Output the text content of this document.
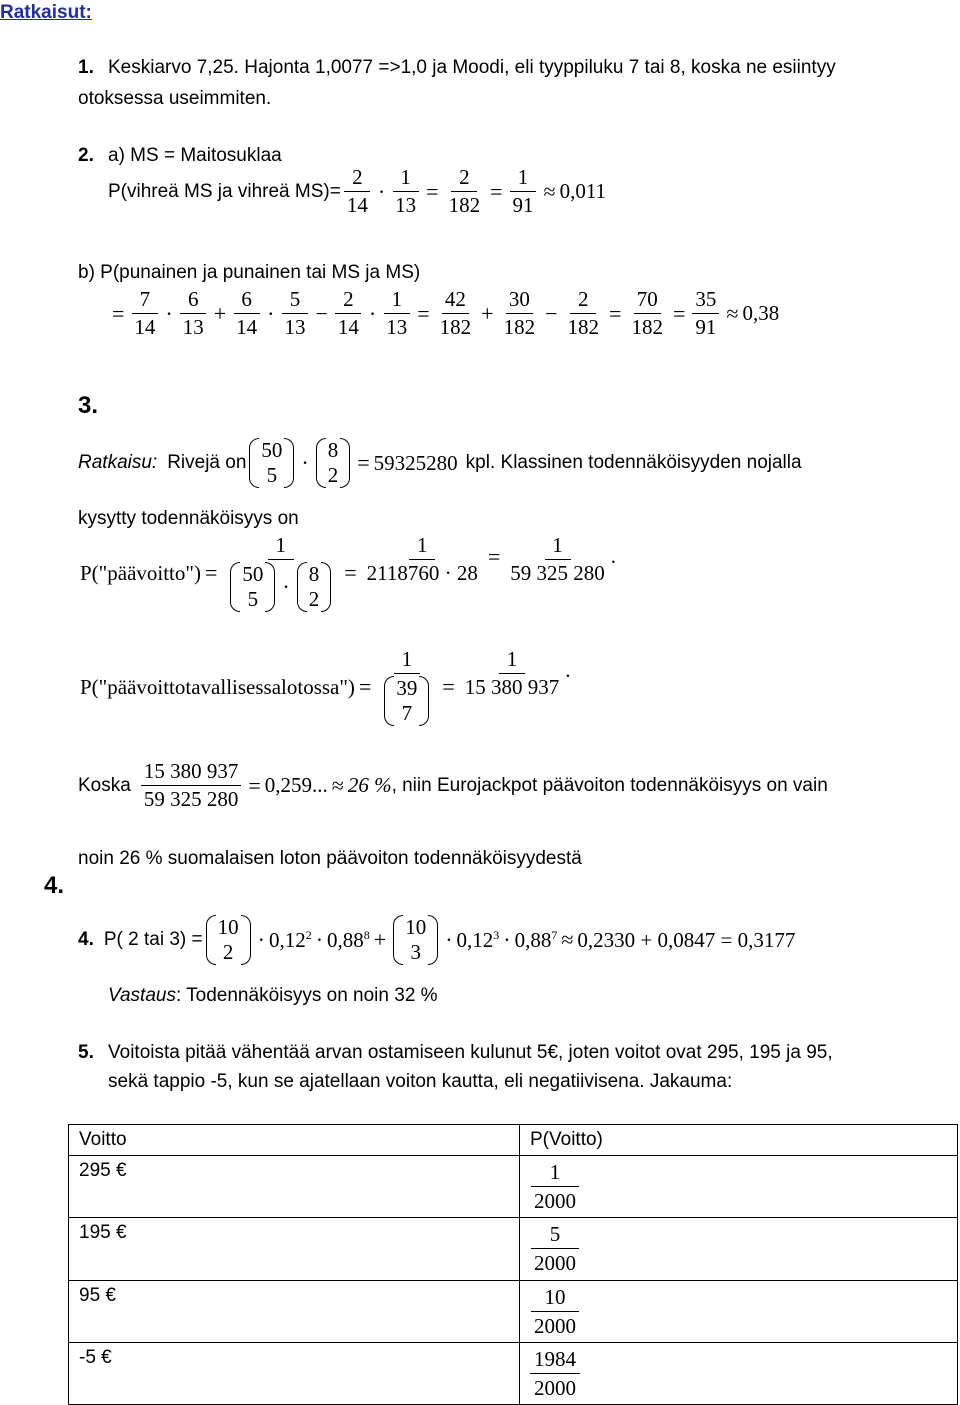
Ratkaisut:
1. Keskiarvo 7,25. Hajonta 1,0077 =>1,0 ja Moodi, eli tyyppiluku 7 tai 8, koska ne esiintyy
otoksessa useimmiten.
2. a) MS = Maitosuklaa
P(vihreä MS ja vihreä $MS)= \frac{2}{14} \cdot \frac{1}{13} = \frac{2}{182} = \frac{1}{91} \approx 0,011$
b) P(punainen ja punainen tai MS ja MS)
= $\frac{7}{14} \cdot \frac{6}{13} + \frac{6}{14} \cdot \frac{5}{13} - \frac{2}{14} \cdot \frac{1}{13} = \frac{42}{182} + \frac{30}{182} - \frac{2}{182} = \frac{70}{182} = \frac{35}{91} \approx 0,38$
3.
Ratkaisu: Rivejä on
50
5 ·
8
2 = 59325280 kpl. Klassinen todennäköisyyden nojalla
kysytty todennäköisyys on
P("päävoitto") = 1
50
5
·
8
$2 = \frac{1}{2118760 \cdot 28} = \frac{1}{59 325 280}$ .
P("päävoittotavallisessalotossa") = 1
39
$7 = \frac{1}{15 380 937}$ .
Koska $\frac{15 380 937}{59 325 280} = 0,259$... ≈ 26 % , niin Eurojackpot päävoiton todennäköisyys on vain
noin 26 % suomalaisen loton päävoiton todennäköisyydestä
4.
4. P( 2 tai 3) =
10
$2 \cdot 0,12^2 \cdot 0,88^8$ +
10
$3 \cdot 0,12^3 \cdot 0,88^7 \approx 0,2330 + 0,0847 = 0,3177$
Vastaus: Todennäköisyys on noin 32 %
5. Voitoista pitää vähentää arvan ostamiseen kulunut 5€, joten voitot ovat 295, 195 ja 95,
sekä tappio -5, kun se ajatellaan voiton kautta, eli negatiivisena. Jakauma:
Voitto	P(Voitto)
295 €	$\frac{1}{2000}$

195 €	$\frac{5}{2000}$

95 €	$\frac{10}{2000}$

-5 €	$\frac{1984}{2000}$
